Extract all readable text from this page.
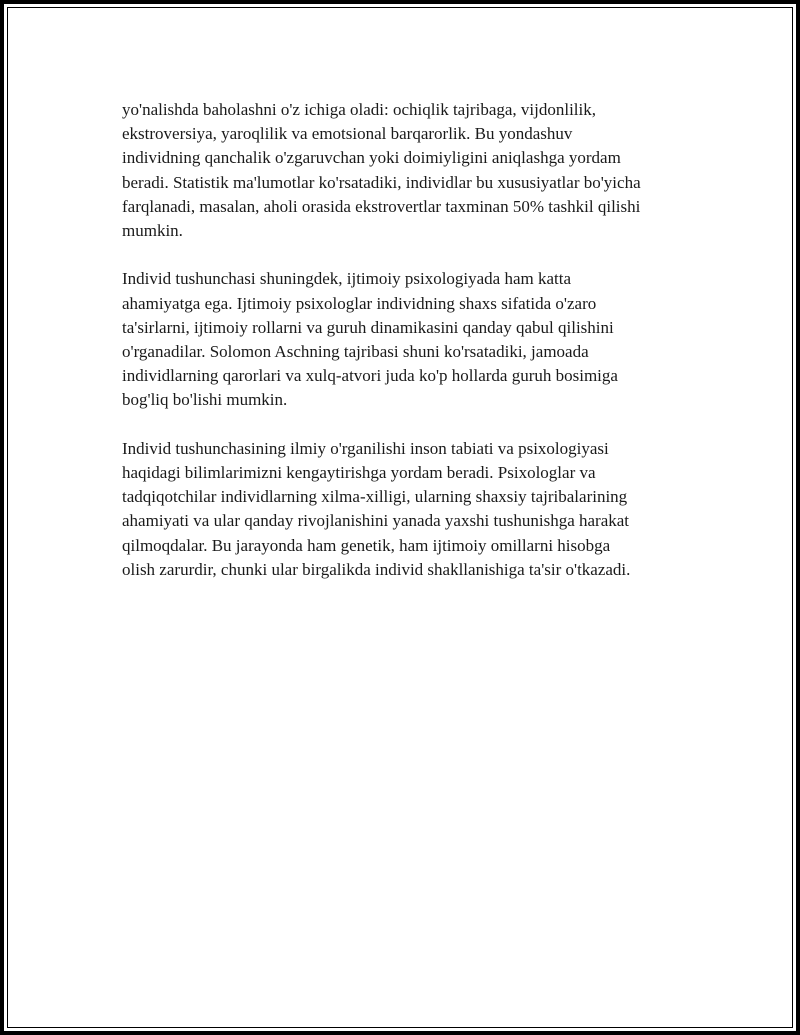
yo'nalishda baholashni o'z ichiga oladi: ochiqlik tajribaga, vijdonlilik,
ekstroversiya, yaroqlilik va emotsional barqarorlik. Bu yondashuv
individning qanchalik o'zgaruvchan yoki doimiyligini aniqlashga yordam
beradi. Statistik ma'lumotlar ko'rsatadiki, individlar bu xususiyatlar bo'yicha
farqlanadi, masalan, aholi orasida ekstrovertlar taxminan 50% tashkil qilishi
mumkin.

Individ tushunchasi shuningdek, ijtimoiy psixologiyada ham katta
ahamiyatga ega. Ijtimoiy psixologlar individning shaxs sifatida o'zaro
ta'sirlarni, ijtimoiy rollarni va guruh dinamikasini qanday qabul qilishini
o'rganadilar. Solomon Aschning tajribasi shuni ko'rsatadiki, jamoada
individlarning qarorlari va xulq-atvori juda ko'p hollarda guruh bosimiga
bog'liq bo'lishi mumkin.

Individ tushunchasining ilmiy o'rganilishi inson tabiati va psixologiyasi
haqidagi bilimlarimizni kengaytirishga yordam beradi. Psixologlar va
tadqiqotchilar individlarning xilma-xilligi, ularning shaxsiy tajribalarining
ahamiyati va ular qanday rivojlanishini yanada yaxshi tushunishga harakat
qilmoqdalar. Bu jarayonda ham genetik, ham ijtimoiy omillarni hisobga
olish zarurdir, chunki ular birgalikda individ shakllanishiga ta'sir o'tkazadi.
